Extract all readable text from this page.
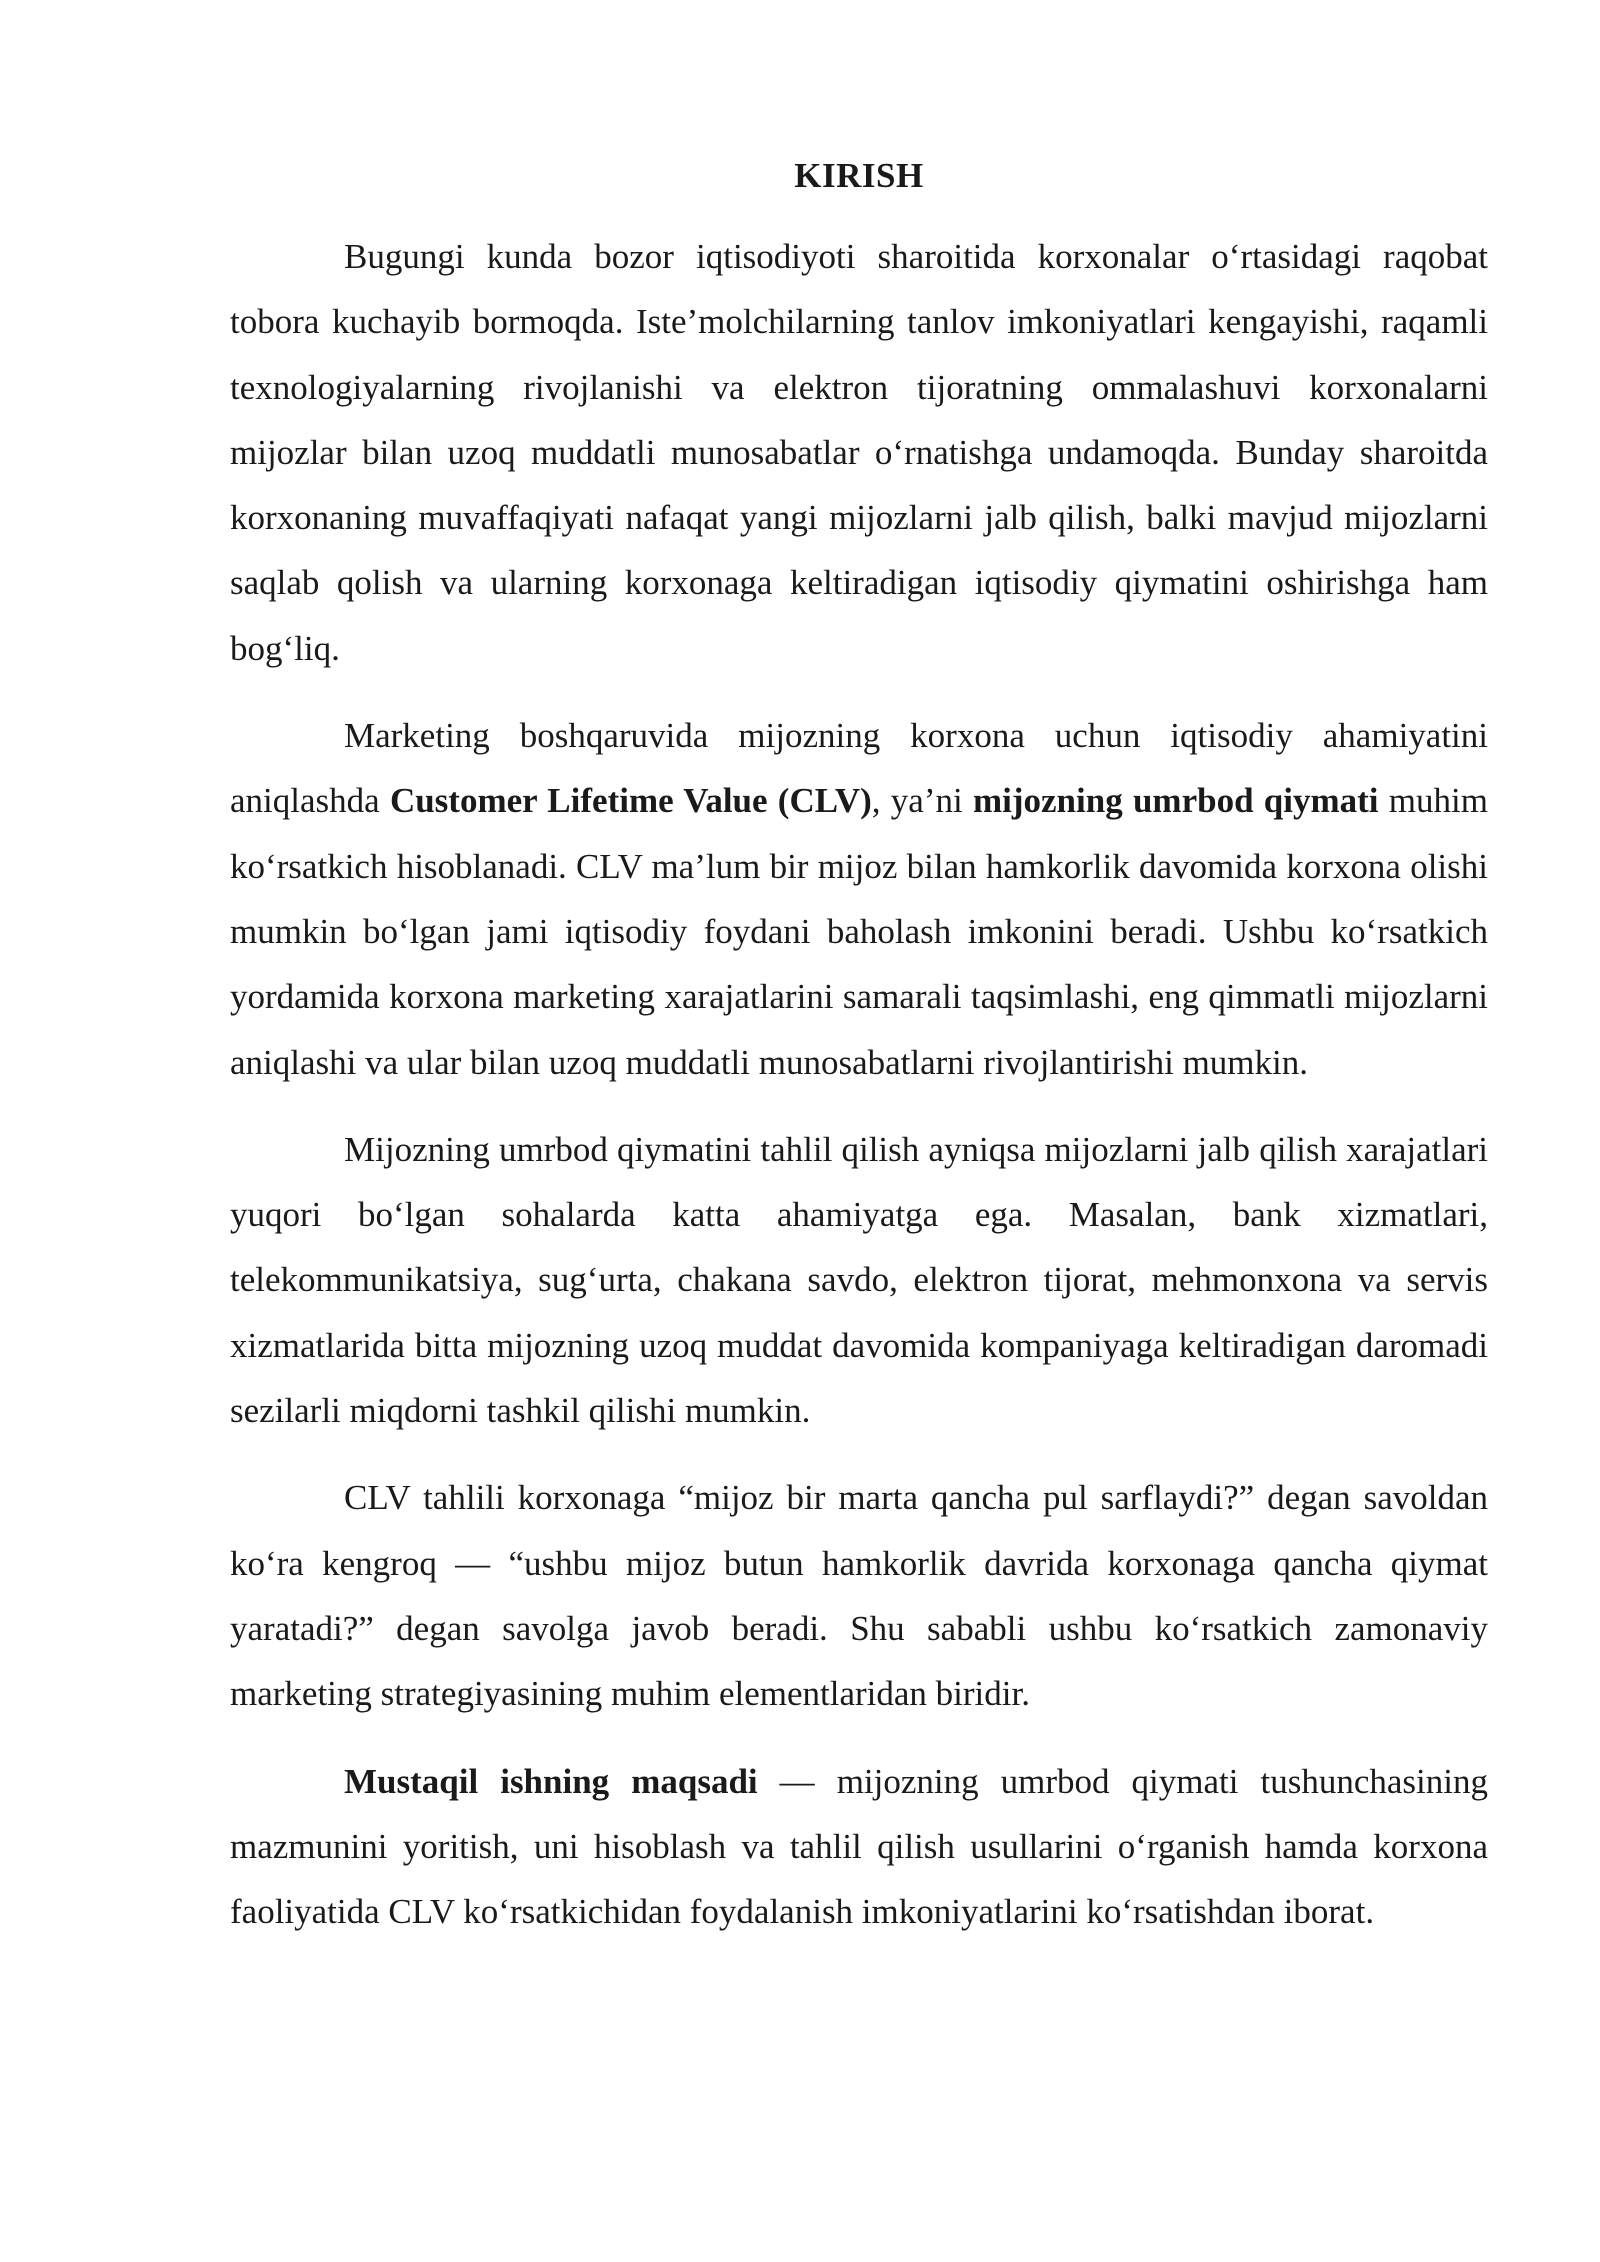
KIRISH

Bugungi kunda bozor iqtisodiyoti sharoitida korxonalar o‘rtasidagi raqobat tobora kuchayib bormoqda. Iste’molchilarning tanlov imkoniyatlari kengayishi, raqamli texnologiyalarning rivojlanishi va elektron tijoratning ommalashuvi korxonalarni mijozlar bilan uzoq muddatli munosabatlar o‘rnatishga undamoqda. Bunday sharoitda korxonaning muvaffaqiyati nafaqat yangi mijozlarni jalb qilish, balki mavjud mijozlarni saqlab qolish va ularning korxonaga keltiradigan iqtisodiy qiymatini oshirishga ham bog‘liq.

Marketing boshqaruvida mijozning korxona uchun iqtisodiy ahamiyatini aniqlashda Customer Lifetime Value (CLV), ya’ni mijozning umrbod qiymati muhim ko‘rsatkich hisoblanadi. CLV ma’lum bir mijoz bilan hamkorlik davomida korxona olishi mumkin bo‘lgan jami iqtisodiy foydani baholash imkonini beradi. Ushbu ko‘rsatkich yordamida korxona marketing xarajatlarini samarali taqsimlashi, eng qimmatli mijozlarni aniqlashi va ular bilan uzoq muddatli munosabatlarni rivojlantirishi mumkin.

Mijozning umrbod qiymatini tahlil qilish ayniqsa mijozlarni jalb qilish xarajatlari yuqori bo‘lgan sohalarda katta ahamiyatga ega. Masalan, bank xizmatlari, telekommunikatsiya, sug‘urta, chakana savdo, elektron tijorat, mehmonxona va servis xizmatlarida bitta mijozning uzoq muddat davomida kompaniyaga keltiradigan daromadi sezilarli miqdorni tashkil qilishi mumkin.

CLV tahlili korxonaga “mijoz bir marta qancha pul sarflaydi?” degan savoldan ko‘ra kengroq — “ushbu mijoz butun hamkorlik davrida korxonaga qancha qiymat yaratadi?” degan savolga javob beradi. Shu sababli ushbu ko‘rsatkich zamonaviy marketing strategiyasining muhim elementlaridan biridir.

Mustaqil ishning maqsadi — mijozning umrbod qiymati tushunchasining mazmunini yoritish, uni hisoblash va tahlil qilish usullarini o‘rganish hamda korxona faoliyatida CLV ko‘rsatkichidan foydalanish imkoniyatlarini ko‘rsatishdan iborat.
